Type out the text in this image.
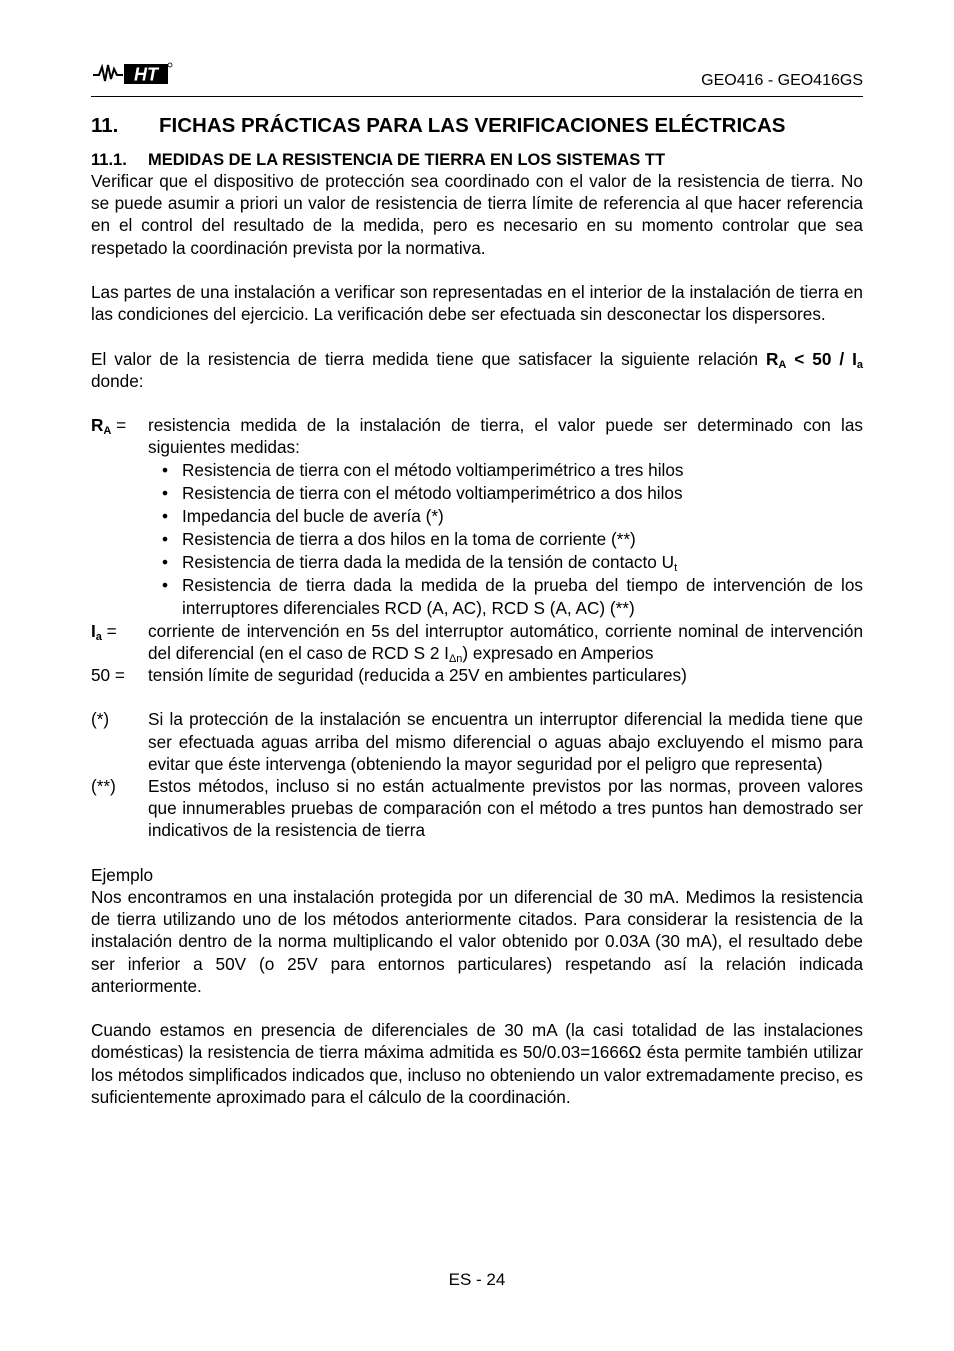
HT	GEO416 - GEO416GS
11. FICHAS PRÁCTICAS PARA LAS VERIFICACIONES ELÉCTRICAS
11.1. MEDIDAS DE LA RESISTENCIA DE TIERRA EN LOS SISTEMAS TT

Verificar que el dispositivo de protección sea coordinado con el valor de la resistencia de tierra. No se puede asumir a priori un valor de resistencia de tierra límite de referencia al que hacer referencia en el control del resultado de la medida, pero es necesario en su momento controlar que sea respetado la coordinación prevista por la normativa.

Las partes de una instalación a verificar son representadas en el interior de la instalación de tierra en las condiciones del ejercicio. La verificación debe ser efectuada sin desconectar los dispersores.

El valor de la resistencia de tierra medida tiene que satisfacer la siguiente relación $R_A < 50 / I_a$ donde:

$R_A$ =	resistencia medida de la instalación de tierra, el valor puede ser determinado con las siguientes medidas:
• Resistencia de tierra con el método voltiamperimétrico a tres hilos
• Resistencia de tierra con el método voltiamperimétrico a dos hilos
• Impedancia del bucle de avería (*)
• Resistencia de tierra a dos hilos en la toma de corriente (**)
• Resistencia de tierra dada la medida de la tensión de contacto $U_t$
• Resistencia de tierra dada la medida de la prueba del tiempo de intervención de los interruptores diferenciales RCD (A, AC), RCD S (A, AC) (**)
$I_a$ =	corriente de intervención en 5s del interruptor automático, corriente nominal de intervención del diferencial (en el caso de RCD S 2 $I_{\Delta n}$) expresado en Amperios
50 =	tensión límite de seguridad (reducida a 25V en ambientes particulares)
(*)	Si la protección de la instalación se encuentra un interruptor diferencial la medida tiene que ser efectuada aguas arriba del mismo diferencial o aguas abajo excluyendo el mismo para evitar que éste intervenga (obteniendo la mayor seguridad por el peligro que representa)
(**)	Estos métodos, incluso si no están actualmente previstos por las normas, proveen valores que innumerables pruebas de comparación con el método a tres puntos han demostrado ser indicativos de la resistencia de tierra

Ejemplo

Nos encontramos en una instalación protegida por un diferencial de 30 mA. Medimos la resistencia de tierra utilizando uno de los métodos anteriormente citados. Para considerar la resistencia de la instalación dentro de la norma multiplicando el valor obtenido por 0.03A (30 mA), el resultado debe ser inferior a 50V (o 25V para entornos particulares) respetando así la relación indicada anteriormente.

Cuando estamos en presencia de diferenciales de 30 mA (la casi totalidad de las instalaciones domésticas) la resistencia de tierra máxima admitida es 50/0.03=1666Ω ésta permite también utilizar los métodos simplificados indicados que, incluso no obteniendo un valor extremadamente preciso, es suficientemente aproximado para el cálculo de la coordinación.

ES - 24
